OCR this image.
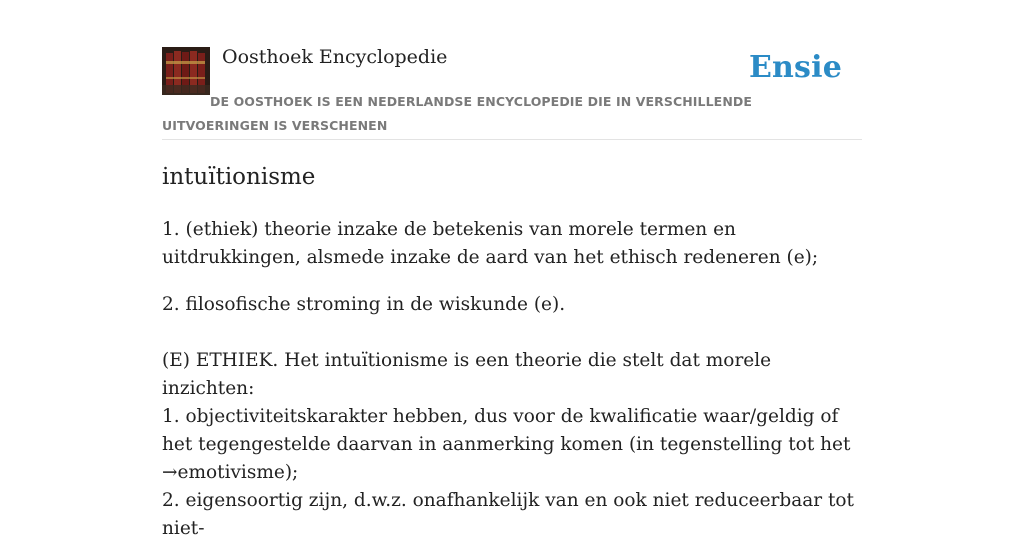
Oosthoek Encyclopedie	Ensie
DE OOSTHOEK IS EEN NEDERLANDSE ENCYCLOPEDIE DIE IN VERSCHILLENDE UITVOERINGEN IS VERSCHENEN
intuïtionisme

1. (ethiek) theorie inzake de betekenis van morele termen en uitdrukkingen, alsmede inzake de aard van het ethisch redeneren (e);

2. filosofische stroming in de wiskunde (e).

(E) ETHIEK. Het intuïtionisme is een theorie die stelt dat morele inzichten:

1. objectiviteitskarakter hebben, dus voor de kwalificatie waar/geldig of het tegengestelde daarvan in aanmerking komen (in tegenstelling tot het →emotivisme);
2. eigensoortig zijn, d.w.z. onafhankelijk van en ook niet reduceerbaar tot niet-
